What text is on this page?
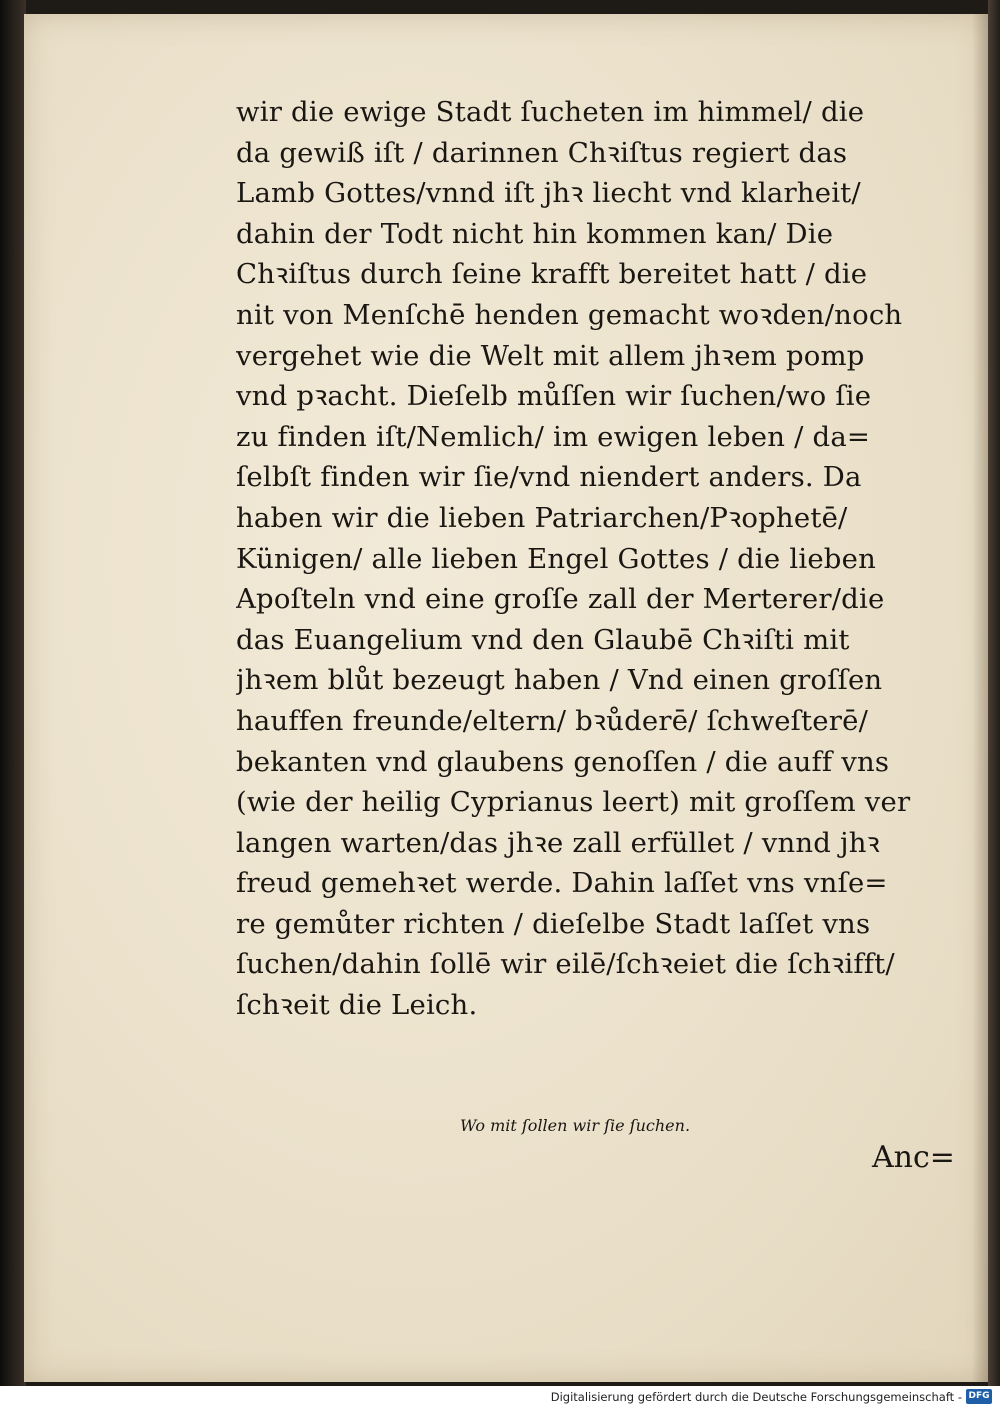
wir die ewige Stadt ſucheten im himmel/ die
da gewiß iſt / darinnen Chꝛiſtus regiert das
Lamb Gottes/vnnd iſt jhꝛ liecht vnd klarheit/
dahin der Todt nicht hin kommen kan/ Die
Chꝛiſtus durch ſeine krafft bereitet hatt / die
nit von Menſchē henden gemacht woꝛden/noch
vergehet wie die Welt mit allem jhꝛem pomp
vnd pꝛacht. Dieſelb můſſen wir ſuchen/wo ſie
zu finden iſt/Nemlich/ im ewigen leben / da=
ſelbſt finden wir ſie/vnd niendert anders. Da
haben wir die lieben Patriarchen/Pꝛophetē/
Künigen/ alle lieben Engel Gottes / die lieben
Apoſteln vnd eine groſſe zall der Merterer/die
das Euangelium vnd den Glaubē Chꝛiſti mit
jhꝛem blůt bezeugt haben / Vnd einen groſſen
hauffen freunde/eltern/ bꝛůderē/ ſchweſterē/
bekanten vnd glaubens genoſſen / die auff vns
(wie der heilig Cyprianus leert) mit groſſem ver
langen warten/das jhꝛe zall erfüllet / vnnd jhꝛ
freud gemehꝛet werde. Dahin laſſet vns vnſe=
re gemůter richten / dieſelbe Stadt laſſet vns
ſuchen/dahin ſollē wir eilē/ſchꝛeiet die ſchꝛifft/
ſchꝛeit die Leich.
Wo mit ſollen wir ſie ſuchen.
Anc=
Digitalisierung gefördert durch die Deutsche Forschungsgemeinschaft - DFG
